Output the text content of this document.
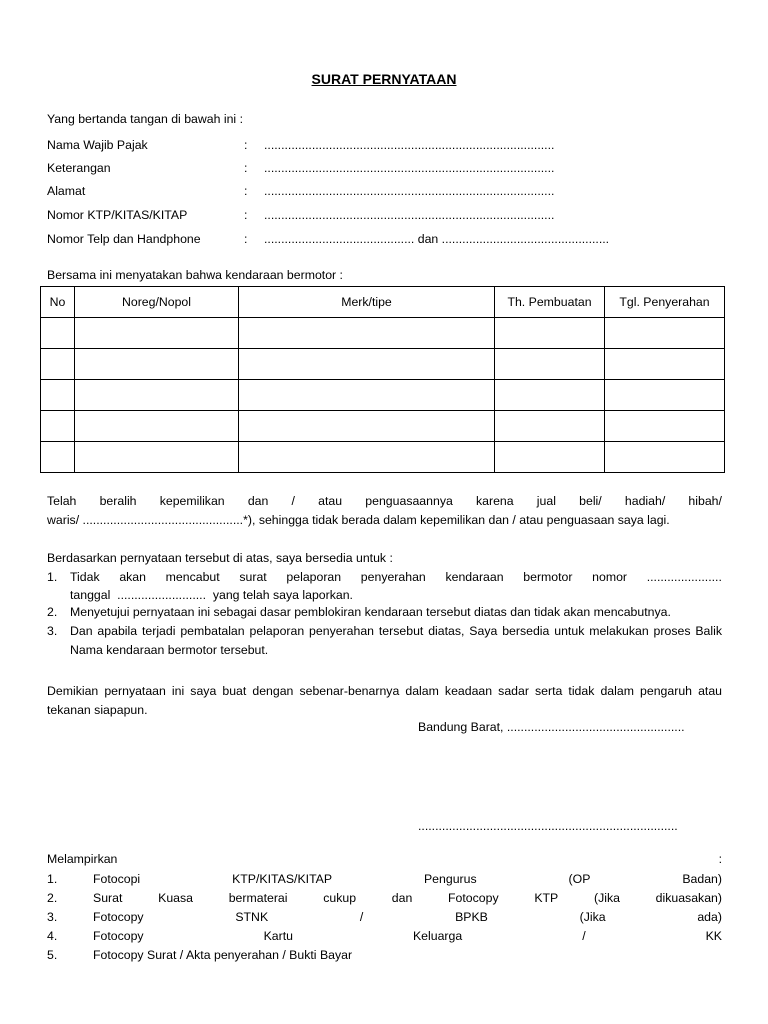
SURAT PERNYATAAN
Yang bertanda tangan di bawah ini :
Nama Wajib Pajak	: .....................................................................................
Keterangan	: .....................................................................................
Alamat	: .....................................................................................
Nomor KTP/KITAS/KITAP	: .....................................................................................
Nomor Telp dan Handphone	: ............................................ dan .................................................
Bersama ini menyatakan bahwa kendaraan bermotor :
No	Noreg/Nopol	Merk/tipe	Th. Pembuatan	Tgl. Penyerahan

Telah beralih kepemilikan dan / atau penguasaannya karena jual beli/ hadiah/ hibah/
waris/ ...............................................*), sehingga tidak berada dalam kepemilikan dan / atau penguasaan saya lagi.
Berdasarkan pernyataan tersebut di atas, saya bersedia untuk :
1. Tidak akan mencabut surat pelaporan penyerahan kendaraan bermotor nomor ......................
tanggal  ..........................  yang telah saya laporkan.
2. Menyetujui pernyataan ini sebagai dasar pemblokiran kendaraan tersebut diatas dan tidak akan mencabutnya.
3. Dan apabila terjadi pembatalan pelaporan penyerahan tersebut diatas, Saya bersedia untuk melakukan proses Balik Nama kendaraan bermotor tersebut.
Demikian pernyataan ini saya buat dengan sebenar-benarnya dalam keadaan sadar serta tidak dalam pengaruh atau tekanan siapapun.
Bandung Barat, ....................................................
............................................................................
Melampirkan	:
1.	Fotocopi	KTP/KITAS/KITAP	Pengurus	(OP	Badan)
2.	Surat	Kuasa	bermaterai	cukup	dan	Fotocopy	KTP	(Jika	dikuasakan)
3.	Fotocopy	STNK	/	BPKB	(Jika	ada)
4.	Fotocopy	Kartu	Keluarga	/	KK
5.	Fotocopy Surat / Akta penyerahan / Bukti Bayar
